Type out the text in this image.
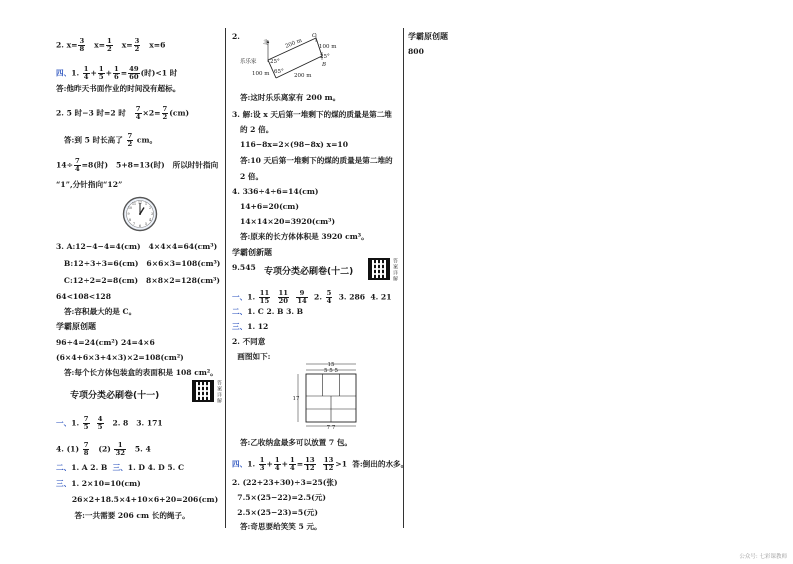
2. $x= \frac{3}{8} x= \frac{1}{2} x= \frac{3}{2} x=6$
四、1. $\frac{1}{4} + \frac{1}{5} + \frac{1}{6} = \frac{49}{60}$ (时)<1 时
答:他昨天书面作业的时间没有超标。
2. 5 时−3 时=2 时 $\frac{7}{4} \times 2= \frac{7}{2} (cm)$
答:到 5 时长高了 $\frac{7}{2}$ cm。
$14\div \frac{7}{4} =8$(时)   5+8=13(时)   所以时针指向
“1”,分针指向“12”
12 1
2
3
4
5
6
7
8
9
10
11
3. A:12−4−4=4(cm)   4×4×4=64(cm³)
B:12÷3÷3=6(cm)   6×6×3=108(cm³)
C:12÷2=2=8(cm)   8×8×2=128(cm³)
64<108<128
答:容积最大的是 C。
学霸原创题
96÷4=24(cm²) 24=4×6
(6×4+6×3+4×3)×2=108(cm²)
答:每个长方体包装盒的表面积是 108 cm²。
专项分类必刷卷(十一)	答案详解
一、1. $\frac{7}{5}$
$\frac{4}{5} 2$. 8   3. 171
4. $(1) \frac{7}{8} (2) \frac{1}{32} 5$. 4
二、1. A 2. B 三、1. D 4. D 5. C
三、1. 2×10=10(cm)
26×2+18.5×4+10×6+20=206(cm)
答:一共需要 206 cm 长的绳子。
2.
北	200 m	100 m
100 m	200 m
25°
65°
25°
乐乐家
C
B
答:这时乐乐离家有 200 m。
3. 解:设 x 天后第一堆剩下的煤的质量是第二堆
的 2 倍。
116−8x=2×(98−8x) x=10
答:10 天后第一堆剩下的煤的质量是第二堆的
2 倍。
4. 336÷4÷6=14(cm)
14+6=20(cm)
14×14×20=3920(cm³)
答:原来的长方体体积是 3920 cm³。
学霸创新题
9.545 专项分类必刷卷(十二)	答案详解
一、1. $\frac{11}{15}$
$\frac{11}{20}$
$\frac{9}{14} 2$. $\frac{5}{4} 3$. 286  4. 21
二、1. C 2. B 3. B
三、1. 12
2. 不同意
画图如下:
15
5 5 5
17
7 7
答:乙收纳盒最多可以放置 7 包。
四、1. $\frac{1}{3} + \frac{1}{4} + \frac{1}{4} = \frac{13}{12}$
$\frac{13}{12} >1$  答:倒出的水多。
2. (22+23+30)÷3=25(张)
7.5×(25−22)=2.5(元)
2.5×(25−23)=5(元)
答:奇思要给笑笑 5 元。
学霸原创题
800
公众号: 七彩课教师
